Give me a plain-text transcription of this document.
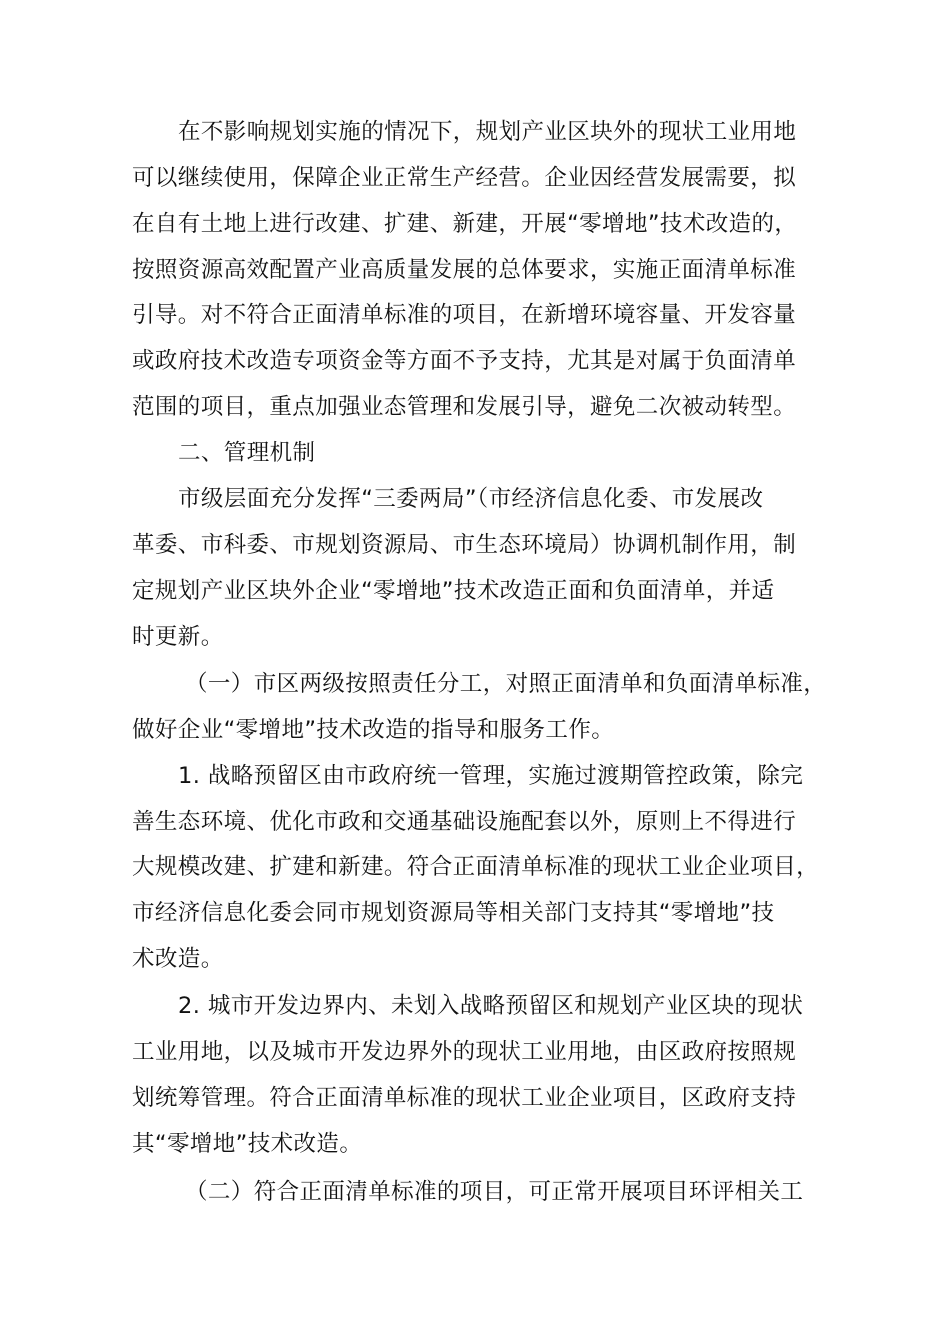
在不影响规划实施的情况下，规划产业区块外的现状工业用地
可以继续使用，保障企业正常生产经营。企业因经营发展需要，拟
在自有土地上进行改建、扩建、新建，开展“零增地”技术改造的，
按照资源高效配置产业高质量发展的总体要求，实施正面清单标准
引导。对不符合正面清单标准的项目，在新增环境容量、开发容量
或政府技术改造专项资金等方面不予支持，尤其是对属于负面清单
范围的项目，重点加强业态管理和发展引导，避免二次被动转型。
二、管理机制
市级层面充分发挥“三委两局”（市经济信息化委、市发展改
革委、市科委、市规划资源局、市生态环境局）协调机制作用，制
定规划产业区块外企业“零增地”技术改造正面和负面清单，并适
时更新。
（一）市区两级按照责任分工，对照正面清单和负面清单标准，
做好企业“零增地”技术改造的指导和服务工作。
1. 战略预留区由市政府统一管理，实施过渡期管控政策，除完
善生态环境、优化市政和交通基础设施配套以外，原则上不得进行
大规模改建、扩建和新建。符合正面清单标准的现状工业企业项目，
市经济信息化委会同市规划资源局等相关部门支持其“零增地”技
术改造。
2. 城市开发边界内、未划入战略预留区和规划产业区块的现状
工业用地，以及城市开发边界外的现状工业用地，由区政府按照规
划统筹管理。符合正面清单标准的现状工业企业项目，区政府支持
其“零增地”技术改造。
（二）符合正面清单标准的项目，可正常开展项目环评相关工
